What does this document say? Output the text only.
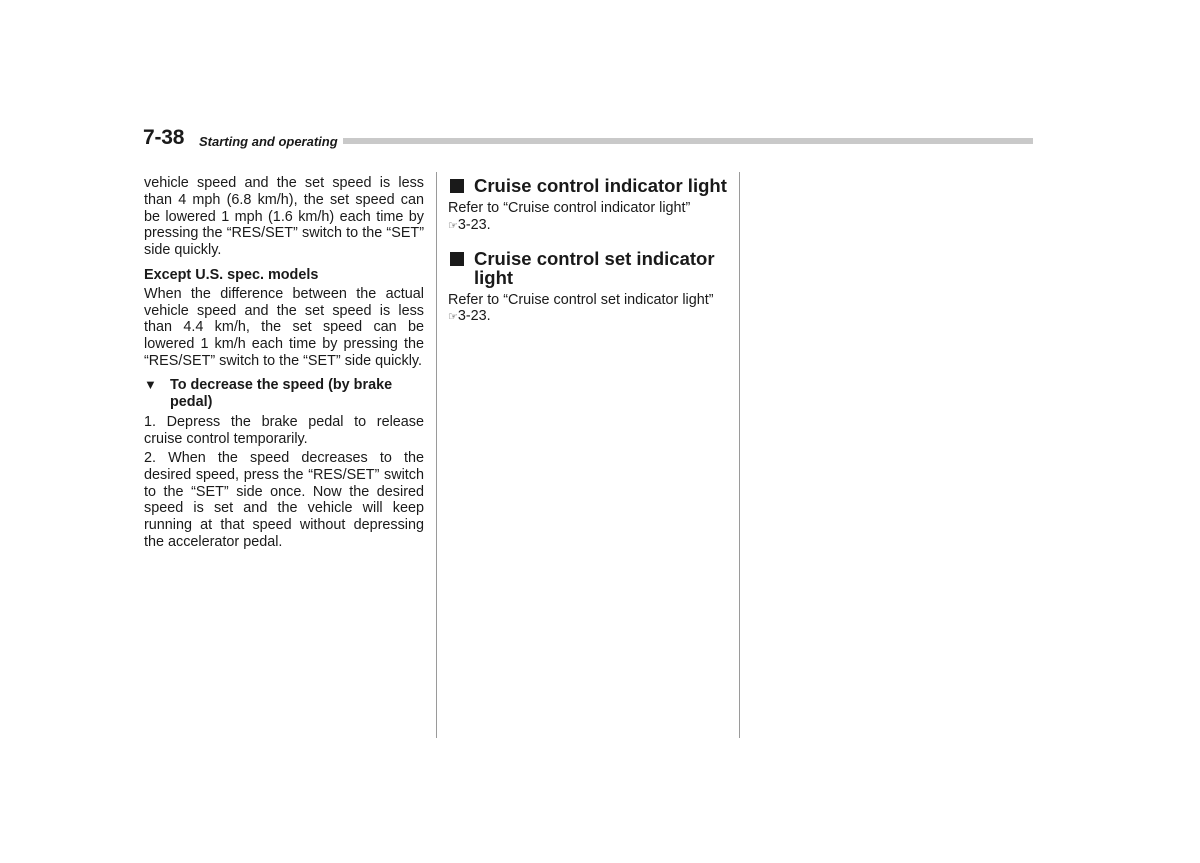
7-38 Starting and operating

vehicle speed and the set speed is less than 4 mph (6.8 km/h), the set speed can be lowered 1 mph (1.6 km/h) each time by pressing the “RES/SET” switch to the “SET” side quickly.

Except U.S. spec. models

When the difference between the actual vehicle speed and the set speed is less than 4.4 km/h, the set speed can be lowered 1 km/h each time by pressing the “RES/SET” switch to the “SET” side quickly.

▼ To decrease the speed (by brake pedal)

1. Depress the brake pedal to release cruise control temporarily.

2. When the speed decreases to the desired speed, press the “RES/SET” switch to the “SET” side once. Now the desired speed is set and the vehicle will keep running at that speed without depressing the accelerator pedal.

Cruise control indicator light

Refer to “Cruise control indicator light”
☞3-23.

Cruise control set indicator light

Refer to “Cruise control set indicator light”
☞3-23.
